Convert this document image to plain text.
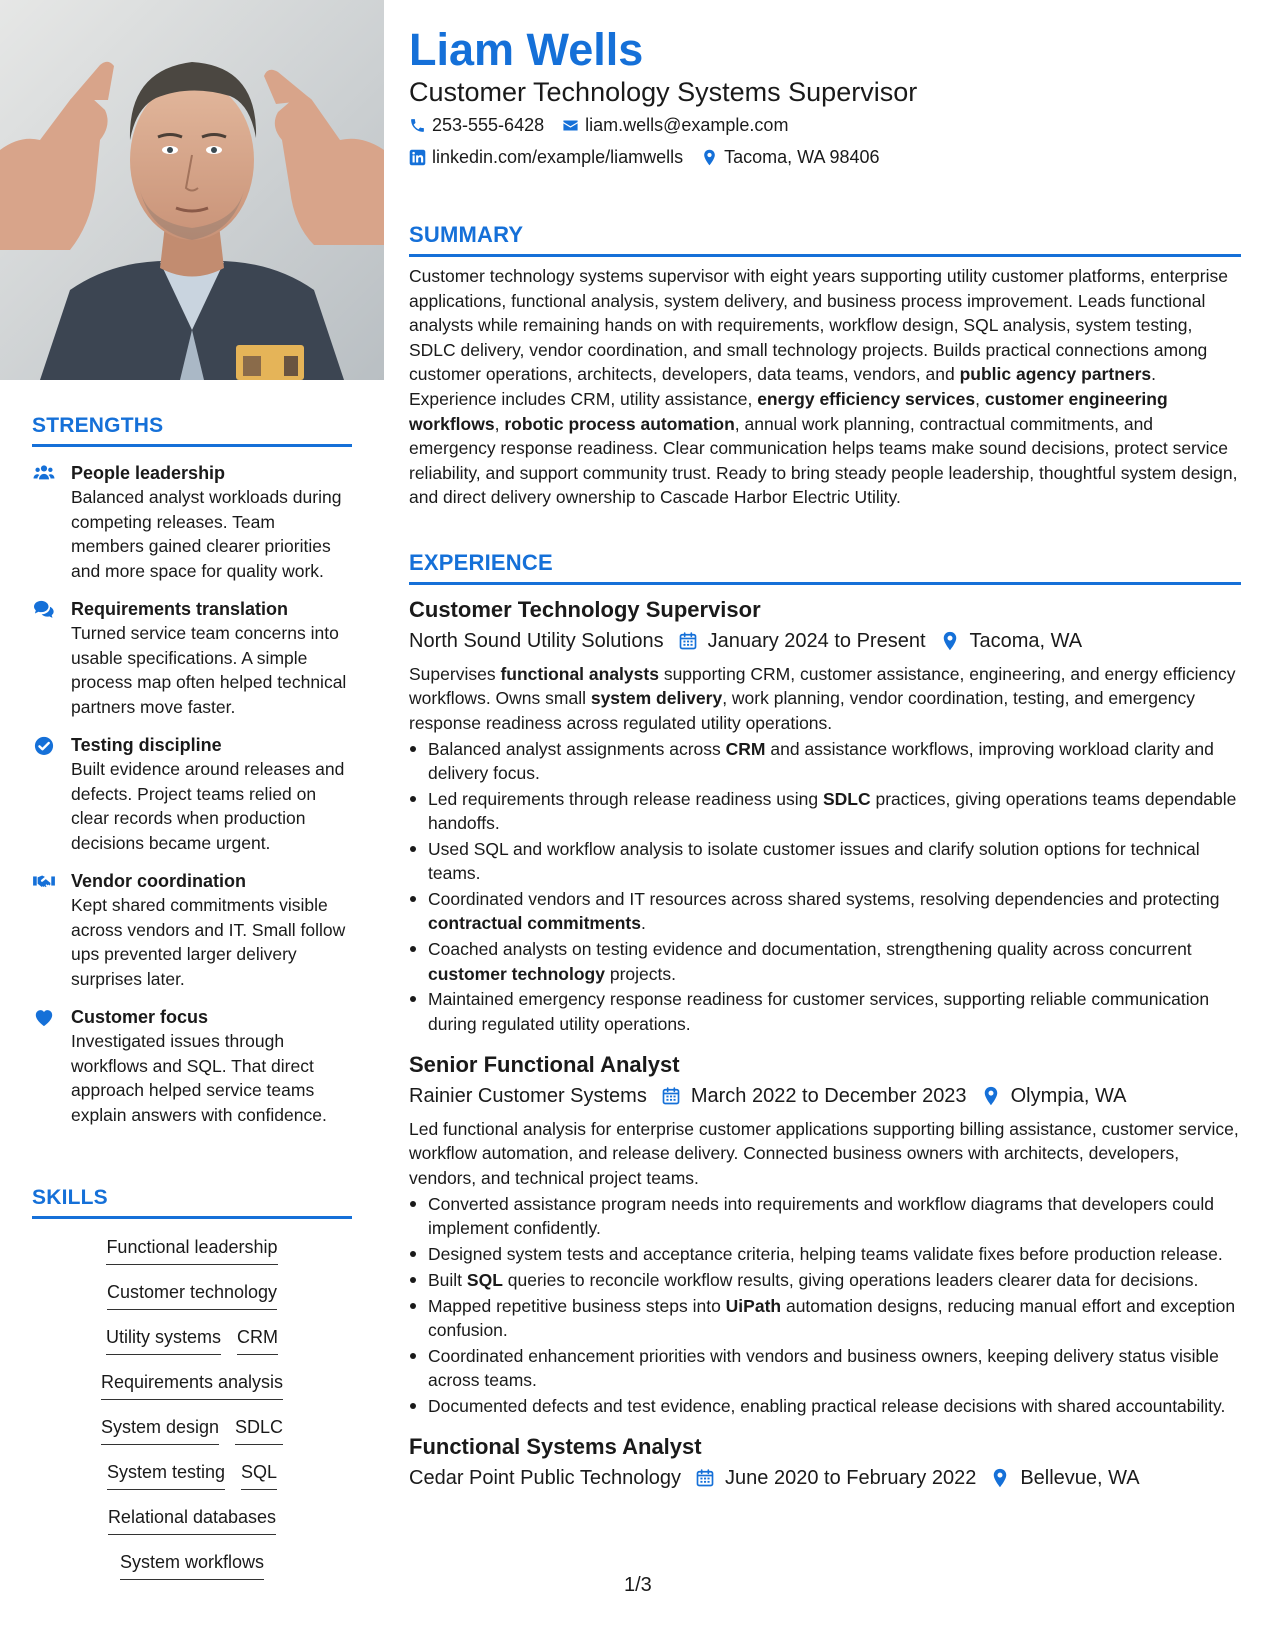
STRENGTHS
People leadership
Balanced analyst workloads during competing releases. Team members gained clearer priorities and more space for quality work.
Requirements translation
Turned service team concerns into usable specifications. A simple process map often helped technical partners move faster.
Testing discipline
Built evidence around releases and defects. Project teams relied on clear records when production decisions became urgent.
Vendor coordination
Kept shared commitments visible across vendors and IT. Small follow ups prevented larger delivery surprises later.
Customer focus
Investigated issues through workflows and SQL. That direct approach helped service teams explain answers with confidence.
SKILLS
Functional leadership
Customer technology
Utility systems CRM
Requirements analysis
System design SDLC
System testing SQL
Relational databases
System workflows
Liam Wells
Customer Technology Systems Supervisor
253-555-6428 liam.wells@example.com
linkedin.com/example/liamwells Tacoma, WA 98406
SUMMARY

Customer technology systems supervisor with eight years supporting utility customer platforms, enterprise applications, functional analysis, system delivery, and business process improvement. Leads functional analysts while remaining hands on with requirements, workflow design, SQL analysis, system testing, SDLC delivery, vendor coordination, and small technology projects. Builds practical connections among customer operations, architects, developers, data teams, vendors, and public agency partners. Experience includes CRM, utility assistance, energy efficiency services, customer engineering workflows, robotic process automation, annual work planning, contractual commitments, and emergency response readiness. Clear communication helps teams make sound decisions, protect service reliability, and support community trust. Ready to bring steady people leadership, thoughtful system design, and direct delivery ownership to Cascade Harbor Electric Utility.

EXPERIENCE
Customer Technology Supervisor
North Sound Utility Solutions January 2024 to Present Tacoma, WA
Supervises functional analysts supporting CRM, customer assistance, engineering, and energy efficiency workflows. Owns small system delivery, work planning, vendor coordination, testing, and emergency response readiness across regulated utility operations.
Balanced analyst assignments across CRM and assistance workflows, improving workload clarity and delivery focus.
Led requirements through release readiness using SDLC practices, giving operations teams dependable handoffs.
Used SQL and workflow analysis to isolate customer issues and clarify solution options for technical teams.
Coordinated vendors and IT resources across shared systems, resolving dependencies and protecting contractual commitments.
Coached analysts on testing evidence and documentation, strengthening quality across concurrent customer technology projects.
Maintained emergency response readiness for customer services, supporting reliable communication during regulated utility operations.
Senior Functional Analyst
Rainier Customer Systems March 2022 to December 2023 Olympia, WA
Led functional analysis for enterprise customer applications supporting billing assistance, customer service, workflow automation, and release delivery. Connected business owners with architects, developers, vendors, and technical project teams.
Converted assistance program needs into requirements and workflow diagrams that developers could implement confidently.
Designed system tests and acceptance criteria, helping teams validate fixes before production release.
Built SQL queries to reconcile workflow results, giving operations leaders clearer data for decisions.
Mapped repetitive business steps into UiPath automation designs, reducing manual effort and exception confusion.
Coordinated enhancement priorities with vendors and business owners, keeping delivery status visible across teams.
Documented defects and test evidence, enabling practical release decisions with shared accountability.
Functional Systems Analyst
Cedar Point Public Technology June 2020 to February 2022 Bellevue, WA
1/3
